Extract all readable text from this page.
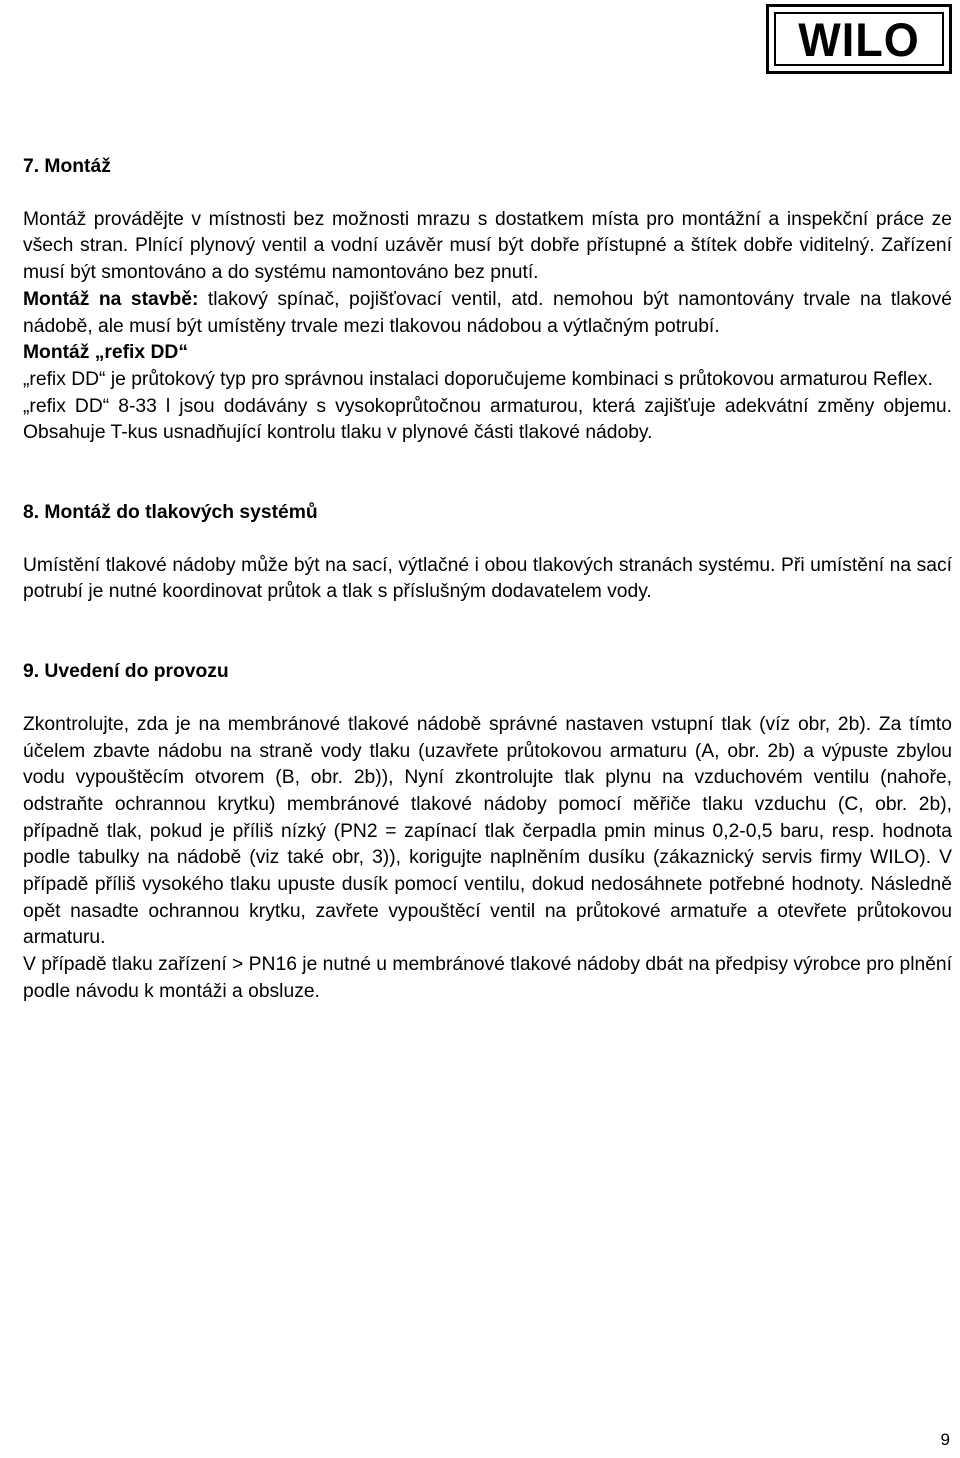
WILO
7. Montáž

Montáž provádějte v místnosti bez možnosti mrazu s dostatkem místa pro montážní a inspekční práce ze všech stran. Plnící plynový ventil a vodní uzávěr musí být dobře přístupné a štítek dobře viditelný. Zařízení musí být smontováno a do systému namontováno bez pnutí.

Montáž na stavbě: tlakový spínač, pojišťovací ventil, atd. nemohou být namontovány trvale na tlakové nádobě, ale musí být umístěny trvale mezi tlakovou nádobou a výtlačným potrubí.

Montáž „refix DD“

„refix DD“ je průtokový typ pro správnou instalaci doporučujeme kombinaci s průtokovou armaturou Reflex.

„refix DD“ 8-33 l jsou dodávány s vysokoprůtočnou armaturou, která zajišťuje adekvátní změny objemu. Obsahuje T-kus usnadňující kontrolu tlaku v plynové části tlakové nádoby.

8. Montáž do tlakových systémů

Umístění tlakové nádoby může být na sací, výtlačné i obou tlakových stranách systému. Při umístění na sací potrubí je nutné koordinovat průtok a tlak s příslušným dodavatelem vody.

9. Uvedení do provozu

Zkontrolujte, zda je na membránové tlakové nádobě správné nastaven vstupní tlak (víz obr, 2b). Za tímto účelem zbavte nádobu na straně vody tlaku (uzavřete průtokovou armaturu (A, obr. 2b) a výpuste zbylou vodu vypouštěcím otvorem (B, obr. 2b)), Nyní zkontrolujte tlak plynu na vzduchovém ventilu (nahoře, odstraňte ochrannou krytku) membránové tlakové nádoby pomocí měřiče tlaku vzduchu (C, obr. 2b), případně tlak, pokud je příliš nízký (PN2 = zapínací tlak čerpadla pmin minus 0,2-0,5 baru, resp. hodnota podle tabulky na nádobě (viz také obr, 3)), korigujte naplněním dusíku (zákaznický servis firmy WILO). V případě příliš vysokého tlaku upuste dusík pomocí ventilu, dokud nedosáhnete potřebné hodnoty. Následně opět nasadte ochrannou krytku, zavřete vypouštěcí ventil na průtokové armatuře a otevřete průtokovou armaturu.

V případě tlaku zařízení > PN16 je nutné u membránové tlakové nádoby dbát na předpisy výrobce pro plnění podle návodu k montáži a obsluze.

9
